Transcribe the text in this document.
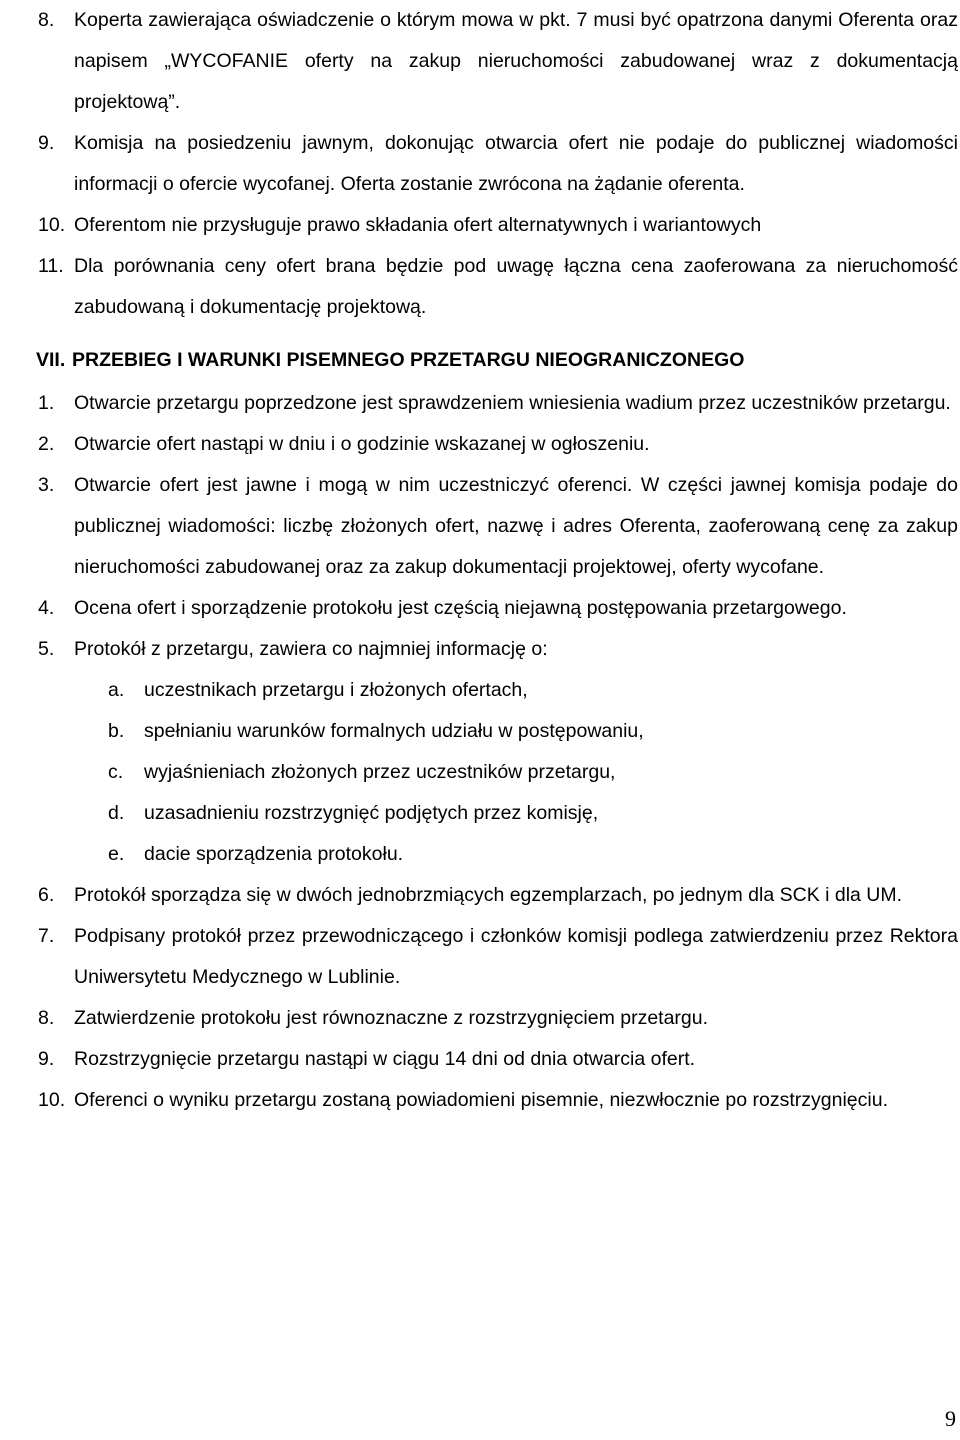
8.	Koperta zawierająca oświadczenie o którym mowa w pkt. 7 musi być opatrzona danymi Oferenta oraz napisem „WYCOFANIE oferty na zakup nieruchomości zabudowanej wraz z dokumentacją projektową”.

9.	Komisja na posiedzeniu jawnym, dokonując otwarcia ofert nie podaje do publicznej wiadomości informacji o ofercie wycofanej. Oferta zostanie zwrócona na żądanie oferenta.

10. Oferentom nie przysługuje prawo składania ofert alternatywnych i wariantowych

11. Dla porównania ceny ofert brana będzie pod uwagę łączna cena zaoferowana za nieruchomość zabudowaną i dokumentację projektową.

VII. PRZEBIEG I WARUNKI PISEMNEGO PRZETARGU NIEOGRANICZONEGO
1.	Otwarcie przetargu poprzedzone jest sprawdzeniem wniesienia wadium przez uczestników przetargu.

2.	Otwarcie ofert nastąpi w dniu i o godzinie wskazanej w ogłoszeniu.

3.	Otwarcie ofert jest jawne i mogą w nim uczestniczyć oferenci. W części jawnej komisja podaje do publicznej wiadomości: liczbę złożonych ofert, nazwę i adres Oferenta, zaoferowaną cenę za zakup nieruchomości zabudowanej oraz za zakup dokumentacji projektowej, oferty wycofane.

4.	Ocena ofert i sporządzenie protokołu jest częścią niejawną postępowania przetargowego.

5.	Protokół z przetargu, zawiera co najmniej informację o:

a.	uczestnikach przetargu i złożonych ofertach,
b.	spełnianiu warunków formalnych udziału w postępowaniu,
c.	wyjaśnieniach złożonych przez uczestników przetargu,
d.	uzasadnieniu rozstrzygnięć podjętych przez komisję,
e.	dacie sporządzenia protokołu.
6.	Protokół sporządza się w dwóch jednobrzmiących egzemplarzach, po jednym dla SCK i dla UM.

7.	Podpisany protokół przez przewodniczącego i członków komisji podlega zatwierdzeniu przez Rektora Uniwersytetu Medycznego w Lublinie.

8.	Zatwierdzenie protokołu jest równoznaczne z rozstrzygnięciem przetargu.

9.	Rozstrzygnięcie przetargu nastąpi w ciągu 14 dni od dnia otwarcia ofert.

10. Oferenci o wyniku przetargu zostaną powiadomieni pisemnie, niezwłocznie po rozstrzygnięciu.

9
